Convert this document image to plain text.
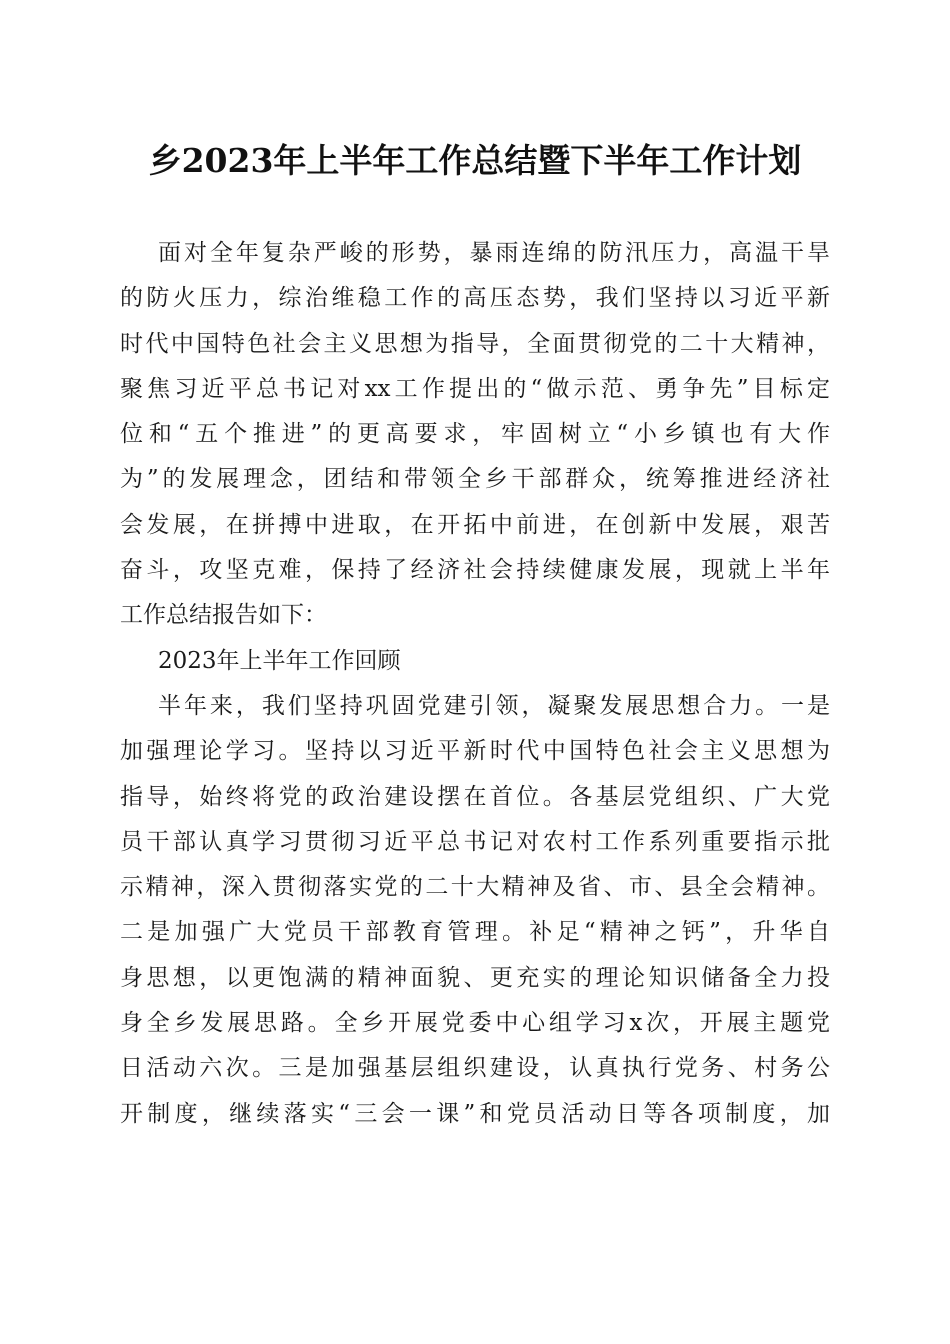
乡2023年上半年工作总结暨下半年工作计划
面对全年复杂严峻的形势，暴雨连绵的防汛压力，高温干旱
的防火压力，综治维稳工作的高压态势，我们坚持以习近平新
时代中国特色社会主义思想为指导，全面贯彻党的二十大精神，
聚焦习近平总书记对xx工作提出的“做示范、勇争先”目标定
位和“五个推进”的更高要求，牢固树立“小乡镇也有大作
为”的发展理念，团结和带领全乡干部群众，统筹推进经济社
会发展，在拼搏中进取，在开拓中前进，在创新中发展，艰苦
奋斗，攻坚克难，保持了经济社会持续健康发展，现就上半年
工作总结报告如下：
2023年上半年工作回顾
半年来，我们坚持巩固党建引领，凝聚发展思想合力。一是
加强理论学习。坚持以习近平新时代中国特色社会主义思想为
指导，始终将党的政治建设摆在首位。各基层党组织、广大党
员干部认真学习贯彻习近平总书记对农村工作系列重要指示批
示精神，深入贯彻落实党的二十大精神及省、市、县全会精神。
二是加强广大党员干部教育管理。补足“精神之钙”，升华自
身思想，以更饱满的精神面貌、更充实的理论知识储备全力投
身全乡发展思路。全乡开展党委中心组学习x次，开展主题党
日活动六次。三是加强基层组织建设，认真执行党务、村务公
开制度，继续落实“三会一课”和党员活动日等各项制度，加
